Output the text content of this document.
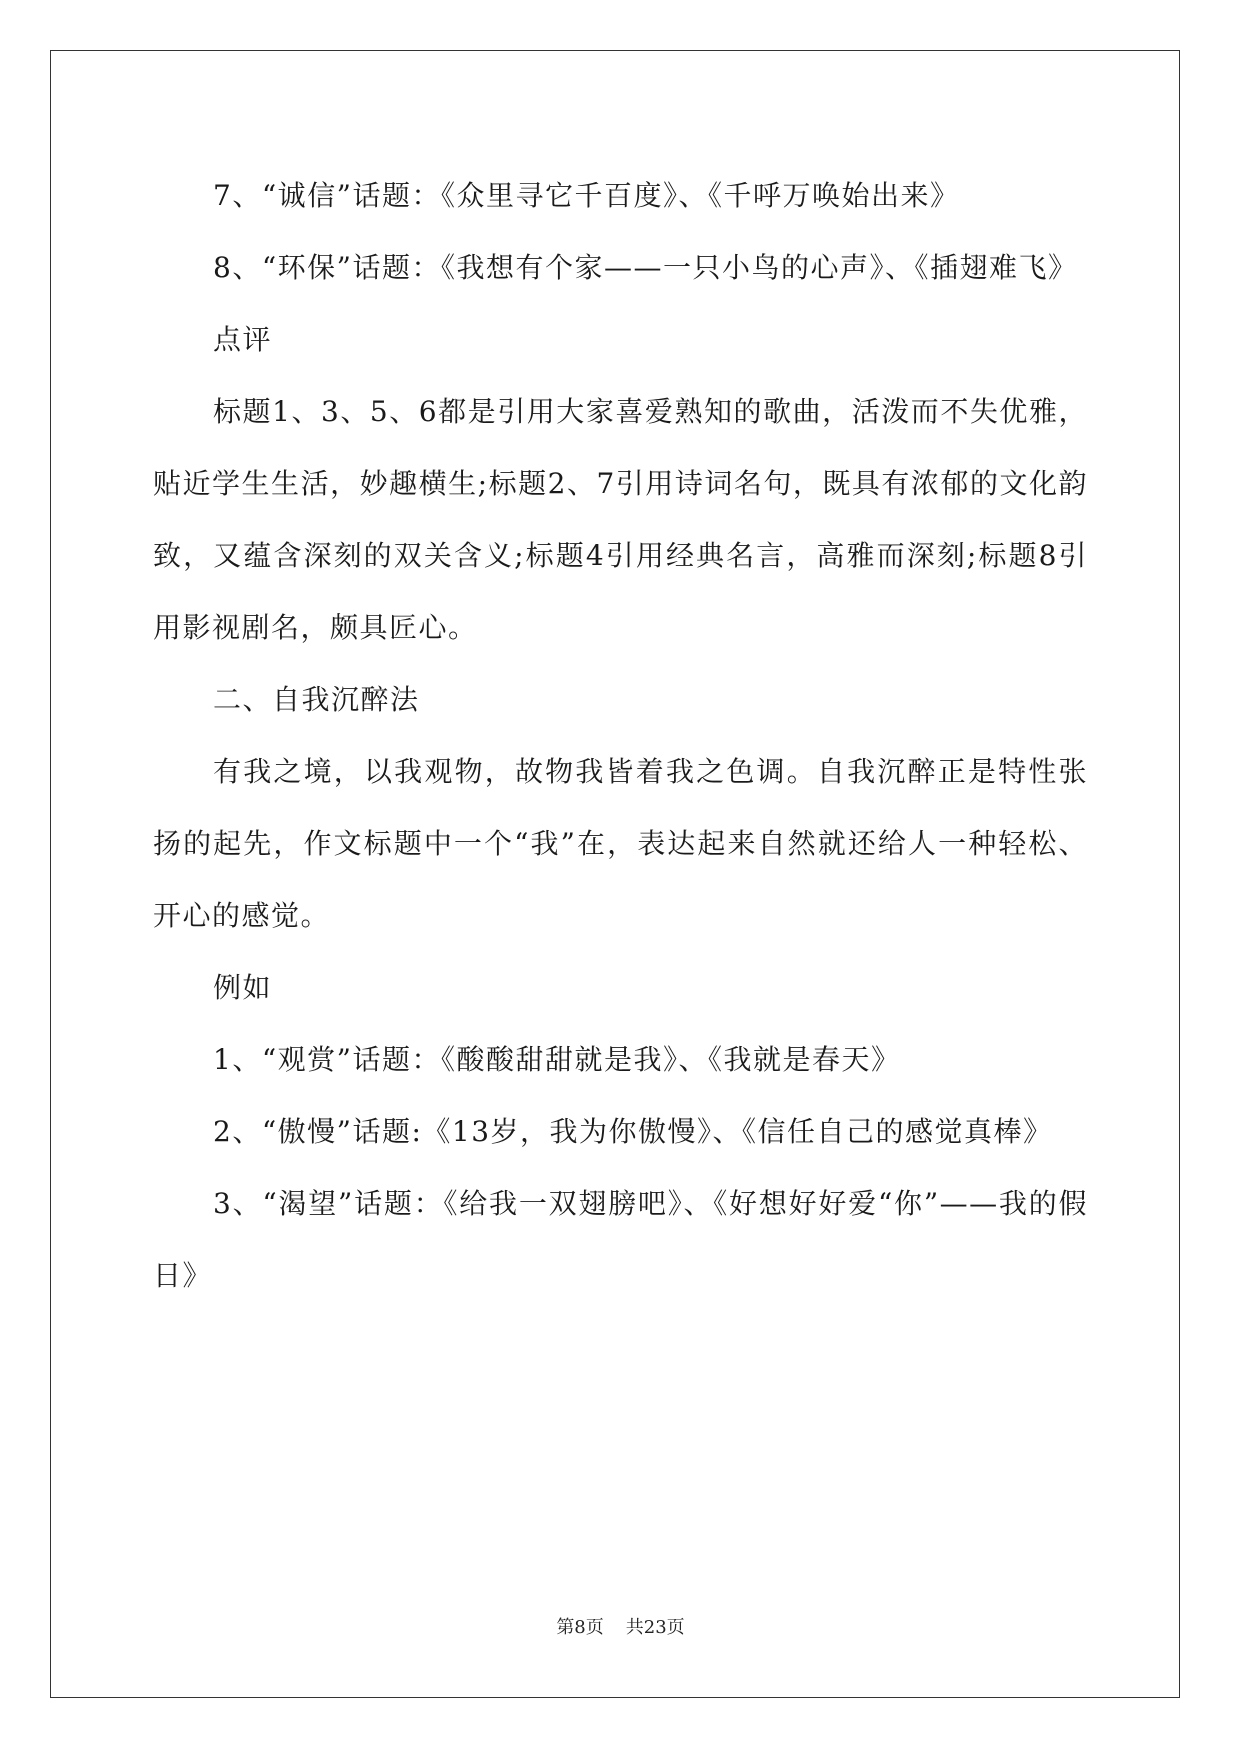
7、“诚信”话题：《众里寻它千百度》、《千呼万唤始出来》

8、“环保”话题：《我想有个家——一只小鸟的心声》、《插翅难飞》

点评

标题1、3、5、6都是引用大家喜爱熟知的歌曲，活泼而不失优雅，贴近学生生活，妙趣横生;标题2、7引用诗词名句，既具有浓郁的文化韵致，又蕴含深刻的双关含义;标题4引用经典名言，高雅而深刻;标题8引用影视剧名，颇具匠心。

二、自我沉醉法

有我之境，以我观物，故物我皆着我之色调。自我沉醉正是特性张扬的起先，作文标题中一个“我”在，表达起来自然就还给人一种轻松、开心的感觉。

例如

1、“观赏”话题：《酸酸甜甜就是我》、《我就是春天》

2、“傲慢”话题:《13岁，我为你傲慢》、《信任自己的感觉真棒》

3、“渴望”话题：《给我一双翅膀吧》、《好想好好爱“你”——我的假日》

第8页 共23页
